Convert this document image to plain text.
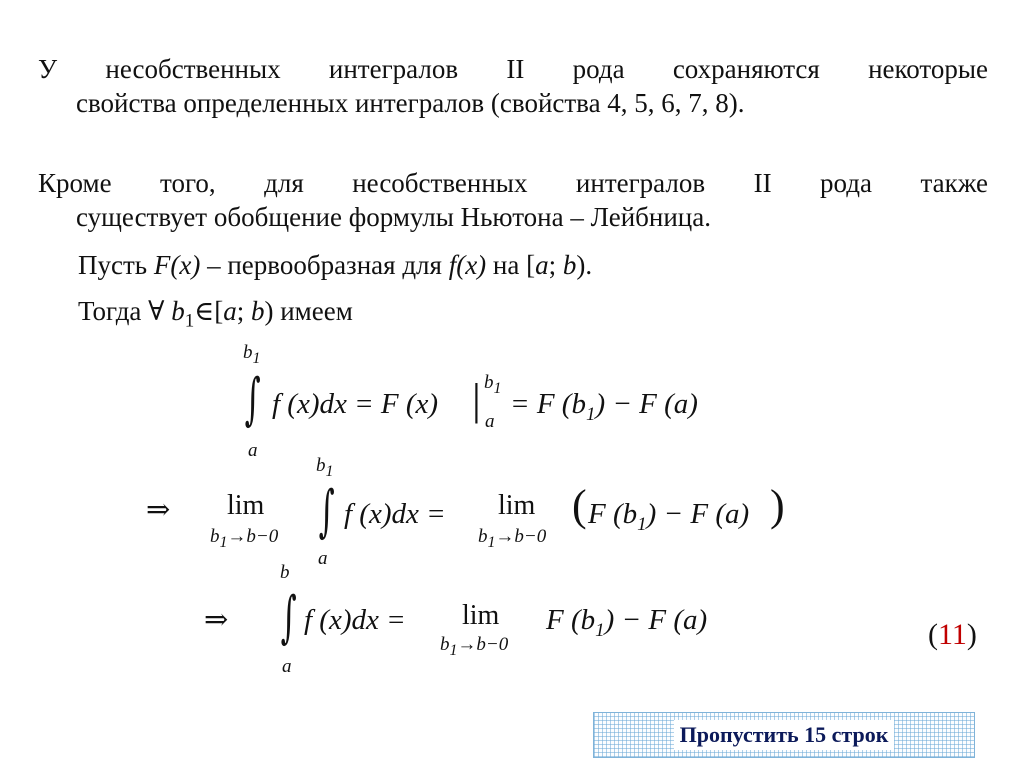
У несобственных интегралов II рода сохраняются некоторые
свойства определенных интегралов (свойства 4, 5, 6, 7, 8).
Кроме того, для несобственных интегралов II рода также
существует обобщение формулы Ньютона – Лейбница.
Пусть F(x) – первообразная для f(x) на [a; b).
Тогда ∀ $b_1\in[a$; b) имеем
$b_1$
∫
a
f (x)dx = F (x) | $b_1$
a
= F $(b_1) - F$ (a)
⇒ lim
$b_1\to b-0$
$b_1$
∫
a
f (x)dx = lim
$b_1\to b-0$
( F $(b_1) - F$ (a) )
⇒
b
∫
a
f (x)dx = lim
$b_1\to b-0$
F $(b_1) - F$ (a)	(11)
Пропустить 15 строк
